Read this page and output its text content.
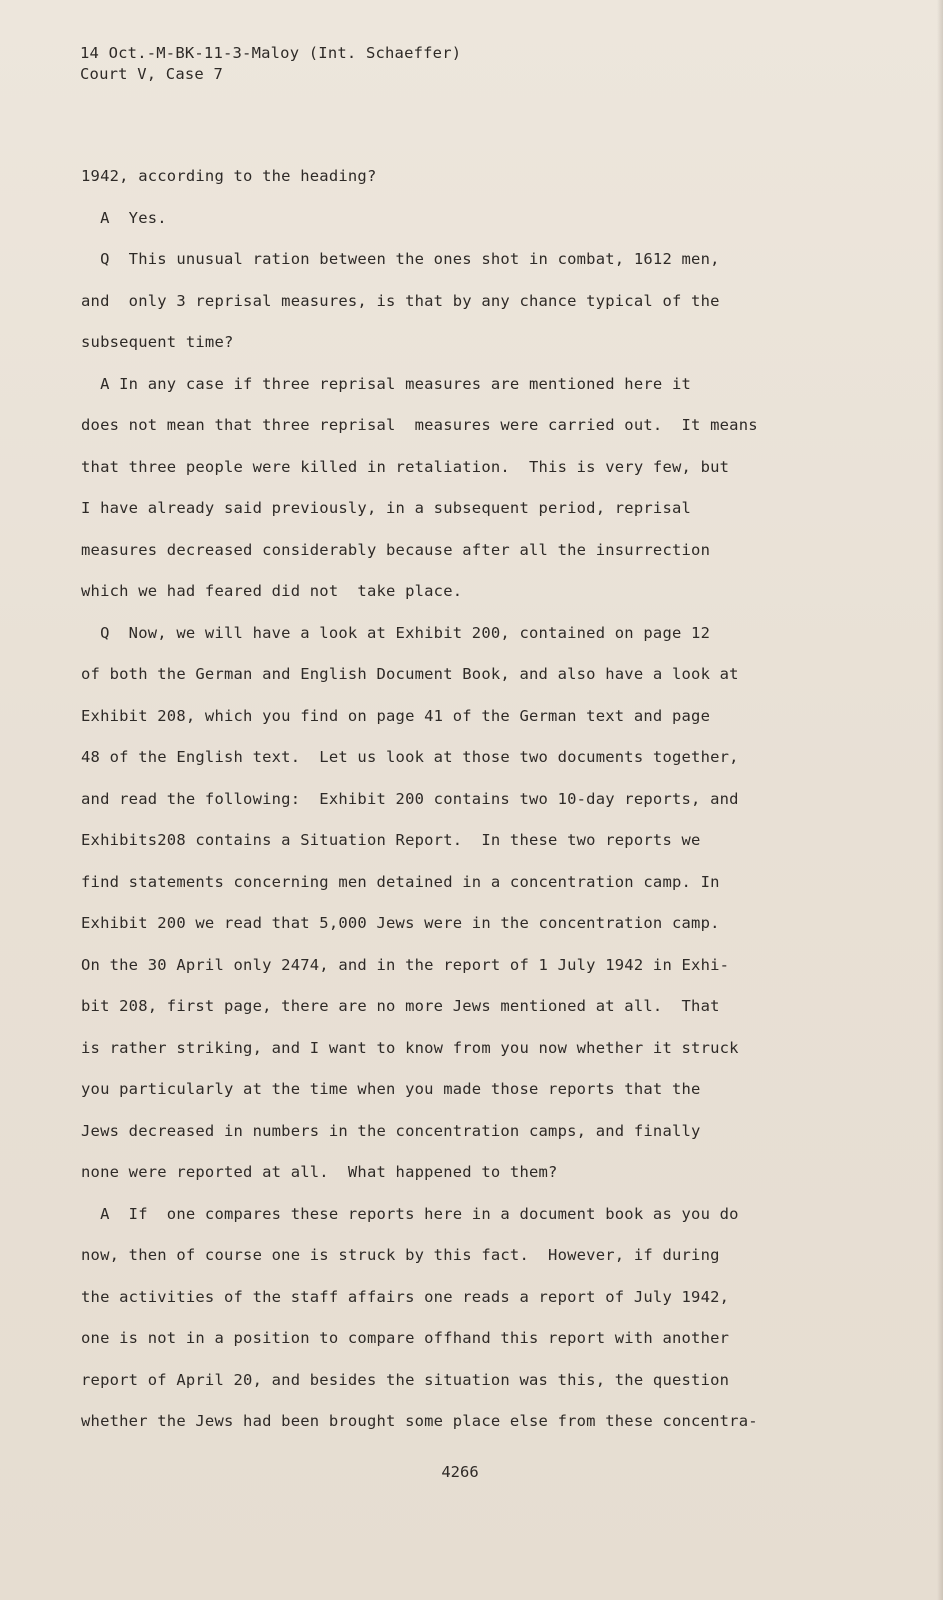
14 Oct.-M-BK-11-3-Maloy (Int. Schaeffer)
Court V, Case 7
1942, according to the heading?
A  Yes.
Q  This unusual ration between the ones shot in combat, 1612 men,
and  only 3 reprisal measures, is that by any chance typical of the
subsequent time?
A In any case if three reprisal measures are mentioned here it
does not mean that three reprisal  measures were carried out.  It means
that three people were killed in retaliation.  This is very few, but
I have already said previously, in a subsequent period, reprisal
measures decreased considerably because after all the insurrection
which we had feared did not  take place.
Q  Now, we will have a look at Exhibit 200, contained on page 12
of both the German and English Document Book, and also have a look at
Exhibit 208, which you find on page 41 of the German text and page
48 of the English text.  Let us look at those two documents together,
and read the following:  Exhibit 200 contains two 10-day reports, and
Exhibits208 contains a Situation Report.  In these two reports we
find statements concerning men detained in a concentration camp. In
Exhibit 200 we read that 5,000 Jews were in the concentration camp.
On the 30 April only 2474, and in the report of 1 July 1942 in Exhi-
bit 208, first page, there are no more Jews mentioned at all.  That
is rather striking, and I want to know from you now whether it struck
you particularly at the time when you made those reports that the
Jews decreased in numbers in the concentration camps, and finally
none were reported at all.  What happened to them?
A  If  one compares these reports here in a document book as you do
now, then of course one is struck by this fact.  However, if during
the activities of the staff affairs one reads a report of July 1942,
one is not in a position to compare offhand this report with another
report of April 20, and besides the situation was this, the question
whether the Jews had been brought some place else from these concentra-
4266
